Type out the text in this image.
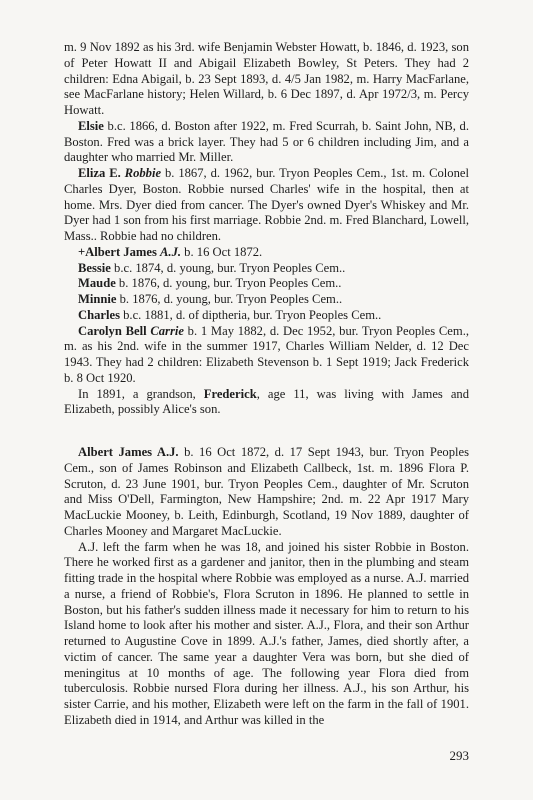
m. 9 Nov 1892 as his 3rd. wife Benjamin Webster Howatt, b. 1846, d. 1923, son of Peter Howatt II and Abigail Elizabeth Bowley, St Peters. They had 2 children: Edna Abigail, b. 23 Sept 1893, d. 4/5 Jan 1982, m. Harry MacFarlane, see MacFarlane history; Helen Willard, b. 6 Dec 1897, d. Apr 1972/3, m. Percy Howatt.

Elsie b.c. 1866, d. Boston after 1922, m. Fred Scurrah, b. Saint John, NB, d. Boston. Fred was a brick layer. They had 5 or 6 children including Jim, and a daughter who married Mr. Miller.

Eliza E. Robbie b. 1867, d. 1962, bur. Tryon Peoples Cem., 1st. m. Colonel Charles Dyer, Boston. Robbie nursed Charles' wife in the hospital, then at home. Mrs. Dyer died from cancer. The Dyer's owned Dyer's Whiskey and Mr. Dyer had 1 son from his first marriage. Robbie 2nd. m. Fred Blanchard, Lowell, Mass.. Robbie had no children.

+Albert James A.J. b. 16 Oct 1872.

Bessie b.c. 1874, d. young, bur. Tryon Peoples Cem..

Maude b. 1876, d. young, bur. Tryon Peoples Cem..

Minnie b. 1876, d. young, bur. Tryon Peoples Cem..

Charles b.c. 1881, d. of diptheria, bur. Tryon Peoples Cem..

Carolyn Bell Carrie b. 1 May 1882, d. Dec 1952, bur. Tryon Peoples Cem., m. as his 2nd. wife in the summer 1917, Charles William Nelder, d. 12 Dec 1943. They had 2 children: Elizabeth Stevenson b. 1 Sept 1919; Jack Frederick b. 8 Oct 1920.

In 1891, a grandson, Frederick, age 11, was living with James and Elizabeth, possibly Alice's son.

Albert James A.J. b. 16 Oct 1872, d. 17 Sept 1943, bur. Tryon Peoples Cem., son of James Robinson and Elizabeth Callbeck, 1st. m. 1896 Flora P. Scruton, d. 23 June 1901, bur. Tryon Peoples Cem., daughter of Mr. Scruton and Miss O'Dell, Farmington, New Hampshire; 2nd. m. 22 Apr 1917 Mary MacLuckie Mooney, b. Leith, Edinburgh, Scotland, 19 Nov 1889, daughter of Charles Mooney and Margaret MacLuckie.

A.J. left the farm when he was 18, and joined his sister Robbie in Boston. There he worked first as a gardener and janitor, then in the plumbing and steam fitting trade in the hospital where Robbie was employed as a nurse. A.J. married a nurse, a friend of Robbie's, Flora Scruton in 1896. He planned to settle in Boston, but his father's sudden illness made it necessary for him to return to his Island home to look after his mother and sister. A.J., Flora, and their son Arthur returned to Augustine Cove in 1899. A.J.'s father, James, died shortly after, a victim of cancer. The same year a daughter Vera was born, but she died of meningitus at 10 months of age. The following year Flora died from tuberculosis. Robbie nursed Flora during her illness. A.J., his son Arthur, his sister Carrie, and his mother, Elizabeth were left on the farm in the fall of 1901. Elizabeth died in 1914, and Arthur was killed in the

293
